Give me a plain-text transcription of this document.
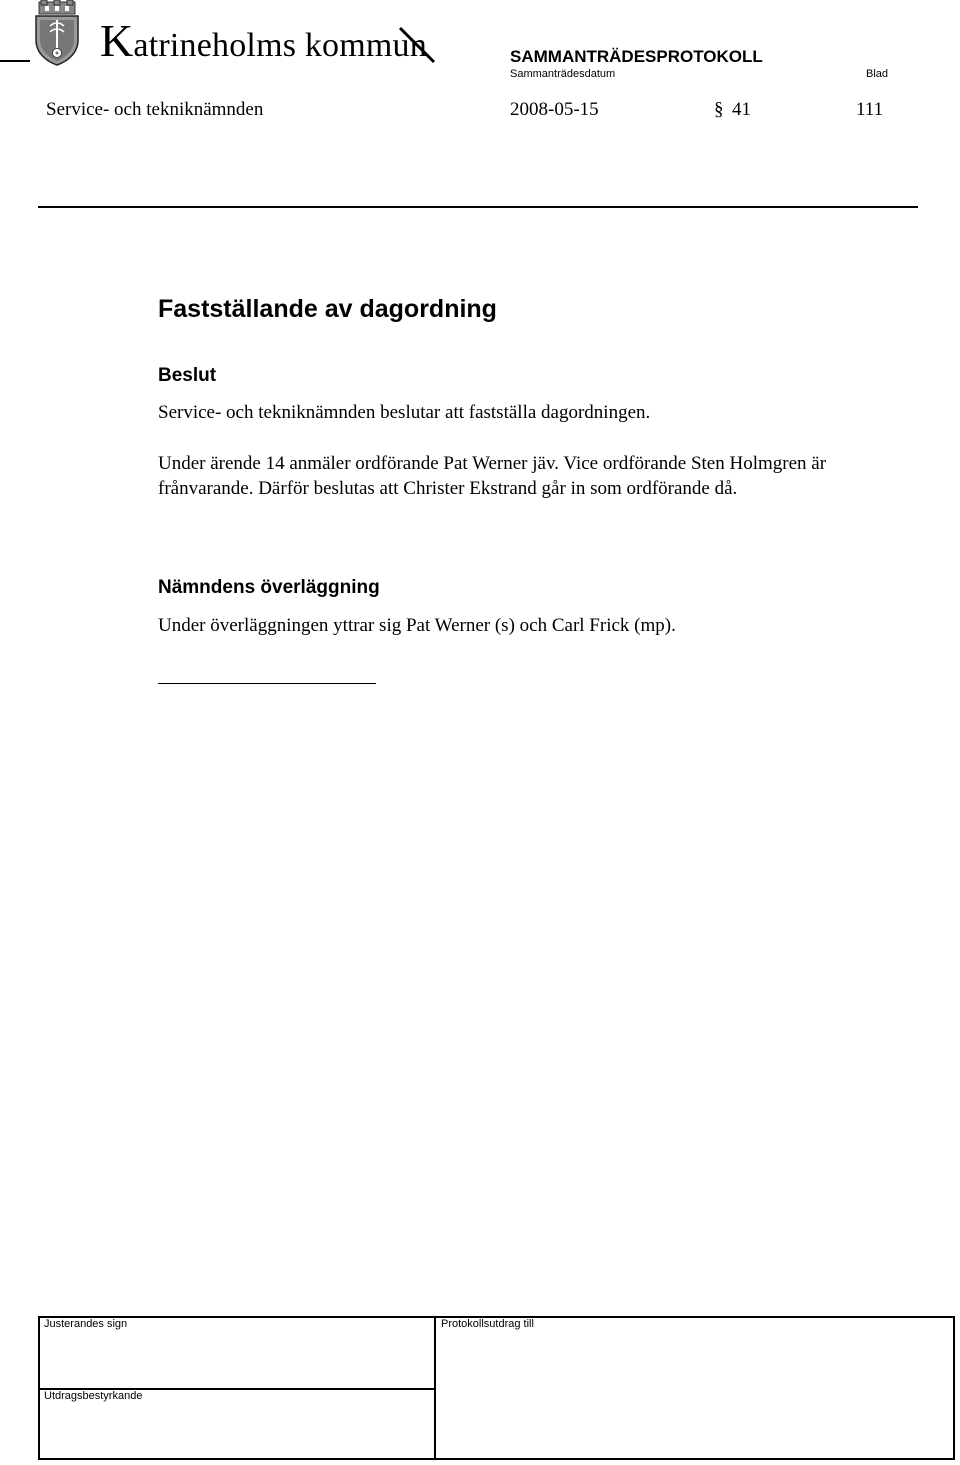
Katrineholms kommun	SAMMANTRÄDESPROTOKOLL
Sammanträdesdatum	Blad
Service- och tekniknämnden	2008-05-15	§ 41	111
Fastställande av dagordning
Beslut
Service- och tekniknämnden beslutar att fastställa dagordningen.
Under ärende 14 anmäler ordförande Pat Werner jäv. Vice ordförande Sten Holmgren är frånvarande. Därför beslutas att Christer Ekstrand går in som ordförande då.
Nämndens överläggning
Under överläggningen yttrar sig Pat Werner (s) och Carl Frick (mp).
Justerandes sign	Protokollsutdrag till
Utdragsbestyrkande
